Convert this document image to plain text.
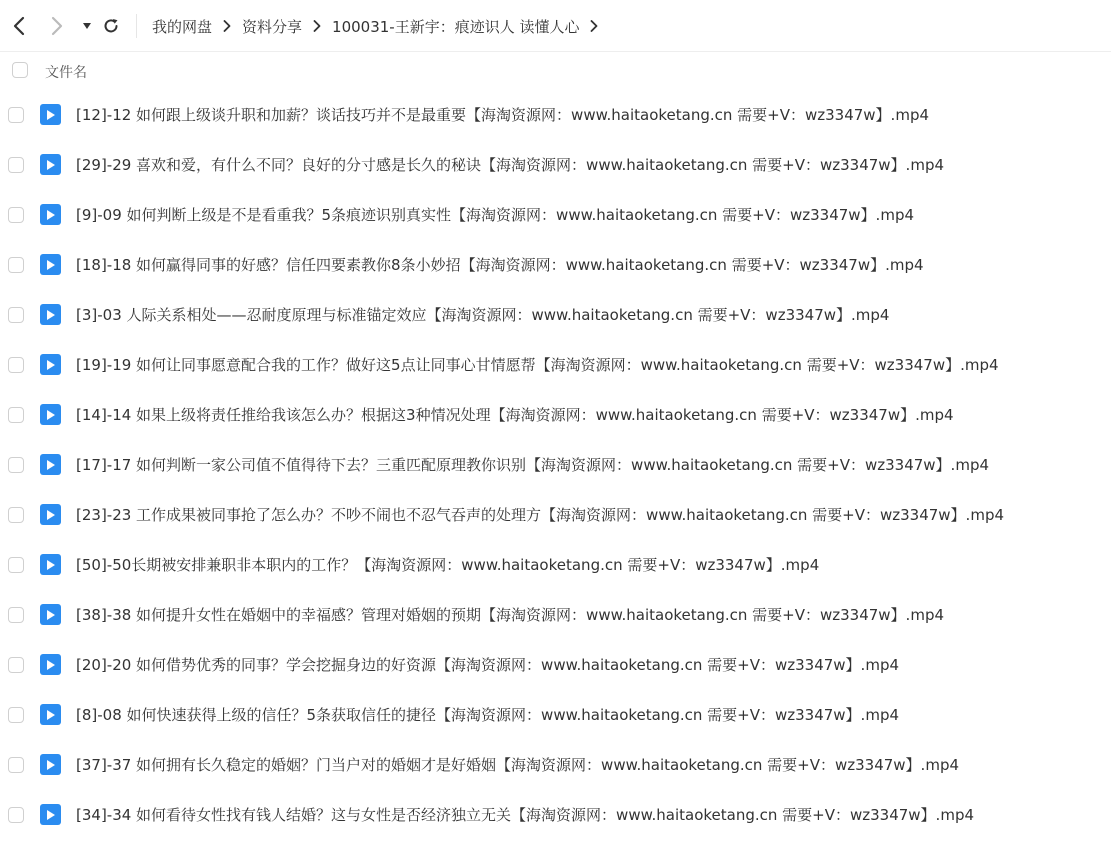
我的网盘 资料分享 100031-王新宇：痕迹识人 读懂人心
文件名
[12]-12 如何跟上级谈升职和加薪？谈话技巧并不是最重要【海淘资源网：www.haitaoketang.cn 需要+V：wz3347w】.mp4
[29]-29 喜欢和爱，有什么不同？良好的分寸感是长久的秘诀【海淘资源网：www.haitaoketang.cn 需要+V：wz3347w】.mp4
[9]-09 如何判断上级是不是看重我？5条痕迹识别真实性【海淘资源网：www.haitaoketang.cn 需要+V：wz3347w】.mp4
[18]-18 如何赢得同事的好感？信任四要素教你8条小妙招【海淘资源网：www.haitaoketang.cn 需要+V：wz3347w】.mp4
[3]-03 人际关系相处——忍耐度原理与标准锚定效应【海淘资源网：www.haitaoketang.cn 需要+V：wz3347w】.mp4
[19]-19 如何让同事愿意配合我的工作？做好这5点让同事心甘情愿帮【海淘资源网：www.haitaoketang.cn 需要+V：wz3347w】.mp4
[14]-14 如果上级将责任推给我该怎么办？根据这3种情况处理【海淘资源网：www.haitaoketang.cn 需要+V：wz3347w】.mp4
[17]-17 如何判断一家公司值不值得待下去？三重匹配原理教你识别【海淘资源网：www.haitaoketang.cn 需要+V：wz3347w】.mp4
[23]-23 工作成果被同事抢了怎么办？不吵不闹也不忍气吞声的处理方【海淘资源网：www.haitaoketang.cn 需要+V：wz3347w】.mp4
[50]-50长期被安排兼职非本职内的工作？【海淘资源网：www.haitaoketang.cn 需要+V：wz3347w】.mp4
[38]-38 如何提升女性在婚姻中的幸福感？管理对婚姻的预期【海淘资源网：www.haitaoketang.cn 需要+V：wz3347w】.mp4
[20]-20 如何借势优秀的同事？学会挖掘身边的好资源【海淘资源网：www.haitaoketang.cn 需要+V：wz3347w】.mp4
[8]-08 如何快速获得上级的信任？5条获取信任的捷径【海淘资源网：www.haitaoketang.cn 需要+V：wz3347w】.mp4
[37]-37 如何拥有长久稳定的婚姻？门当户对的婚姻才是好婚姻【海淘资源网：www.haitaoketang.cn 需要+V：wz3347w】.mp4
[34]-34 如何看待女性找有钱人结婚？这与女性是否经济独立无关【海淘资源网：www.haitaoketang.cn 需要+V：wz3347w】.mp4
